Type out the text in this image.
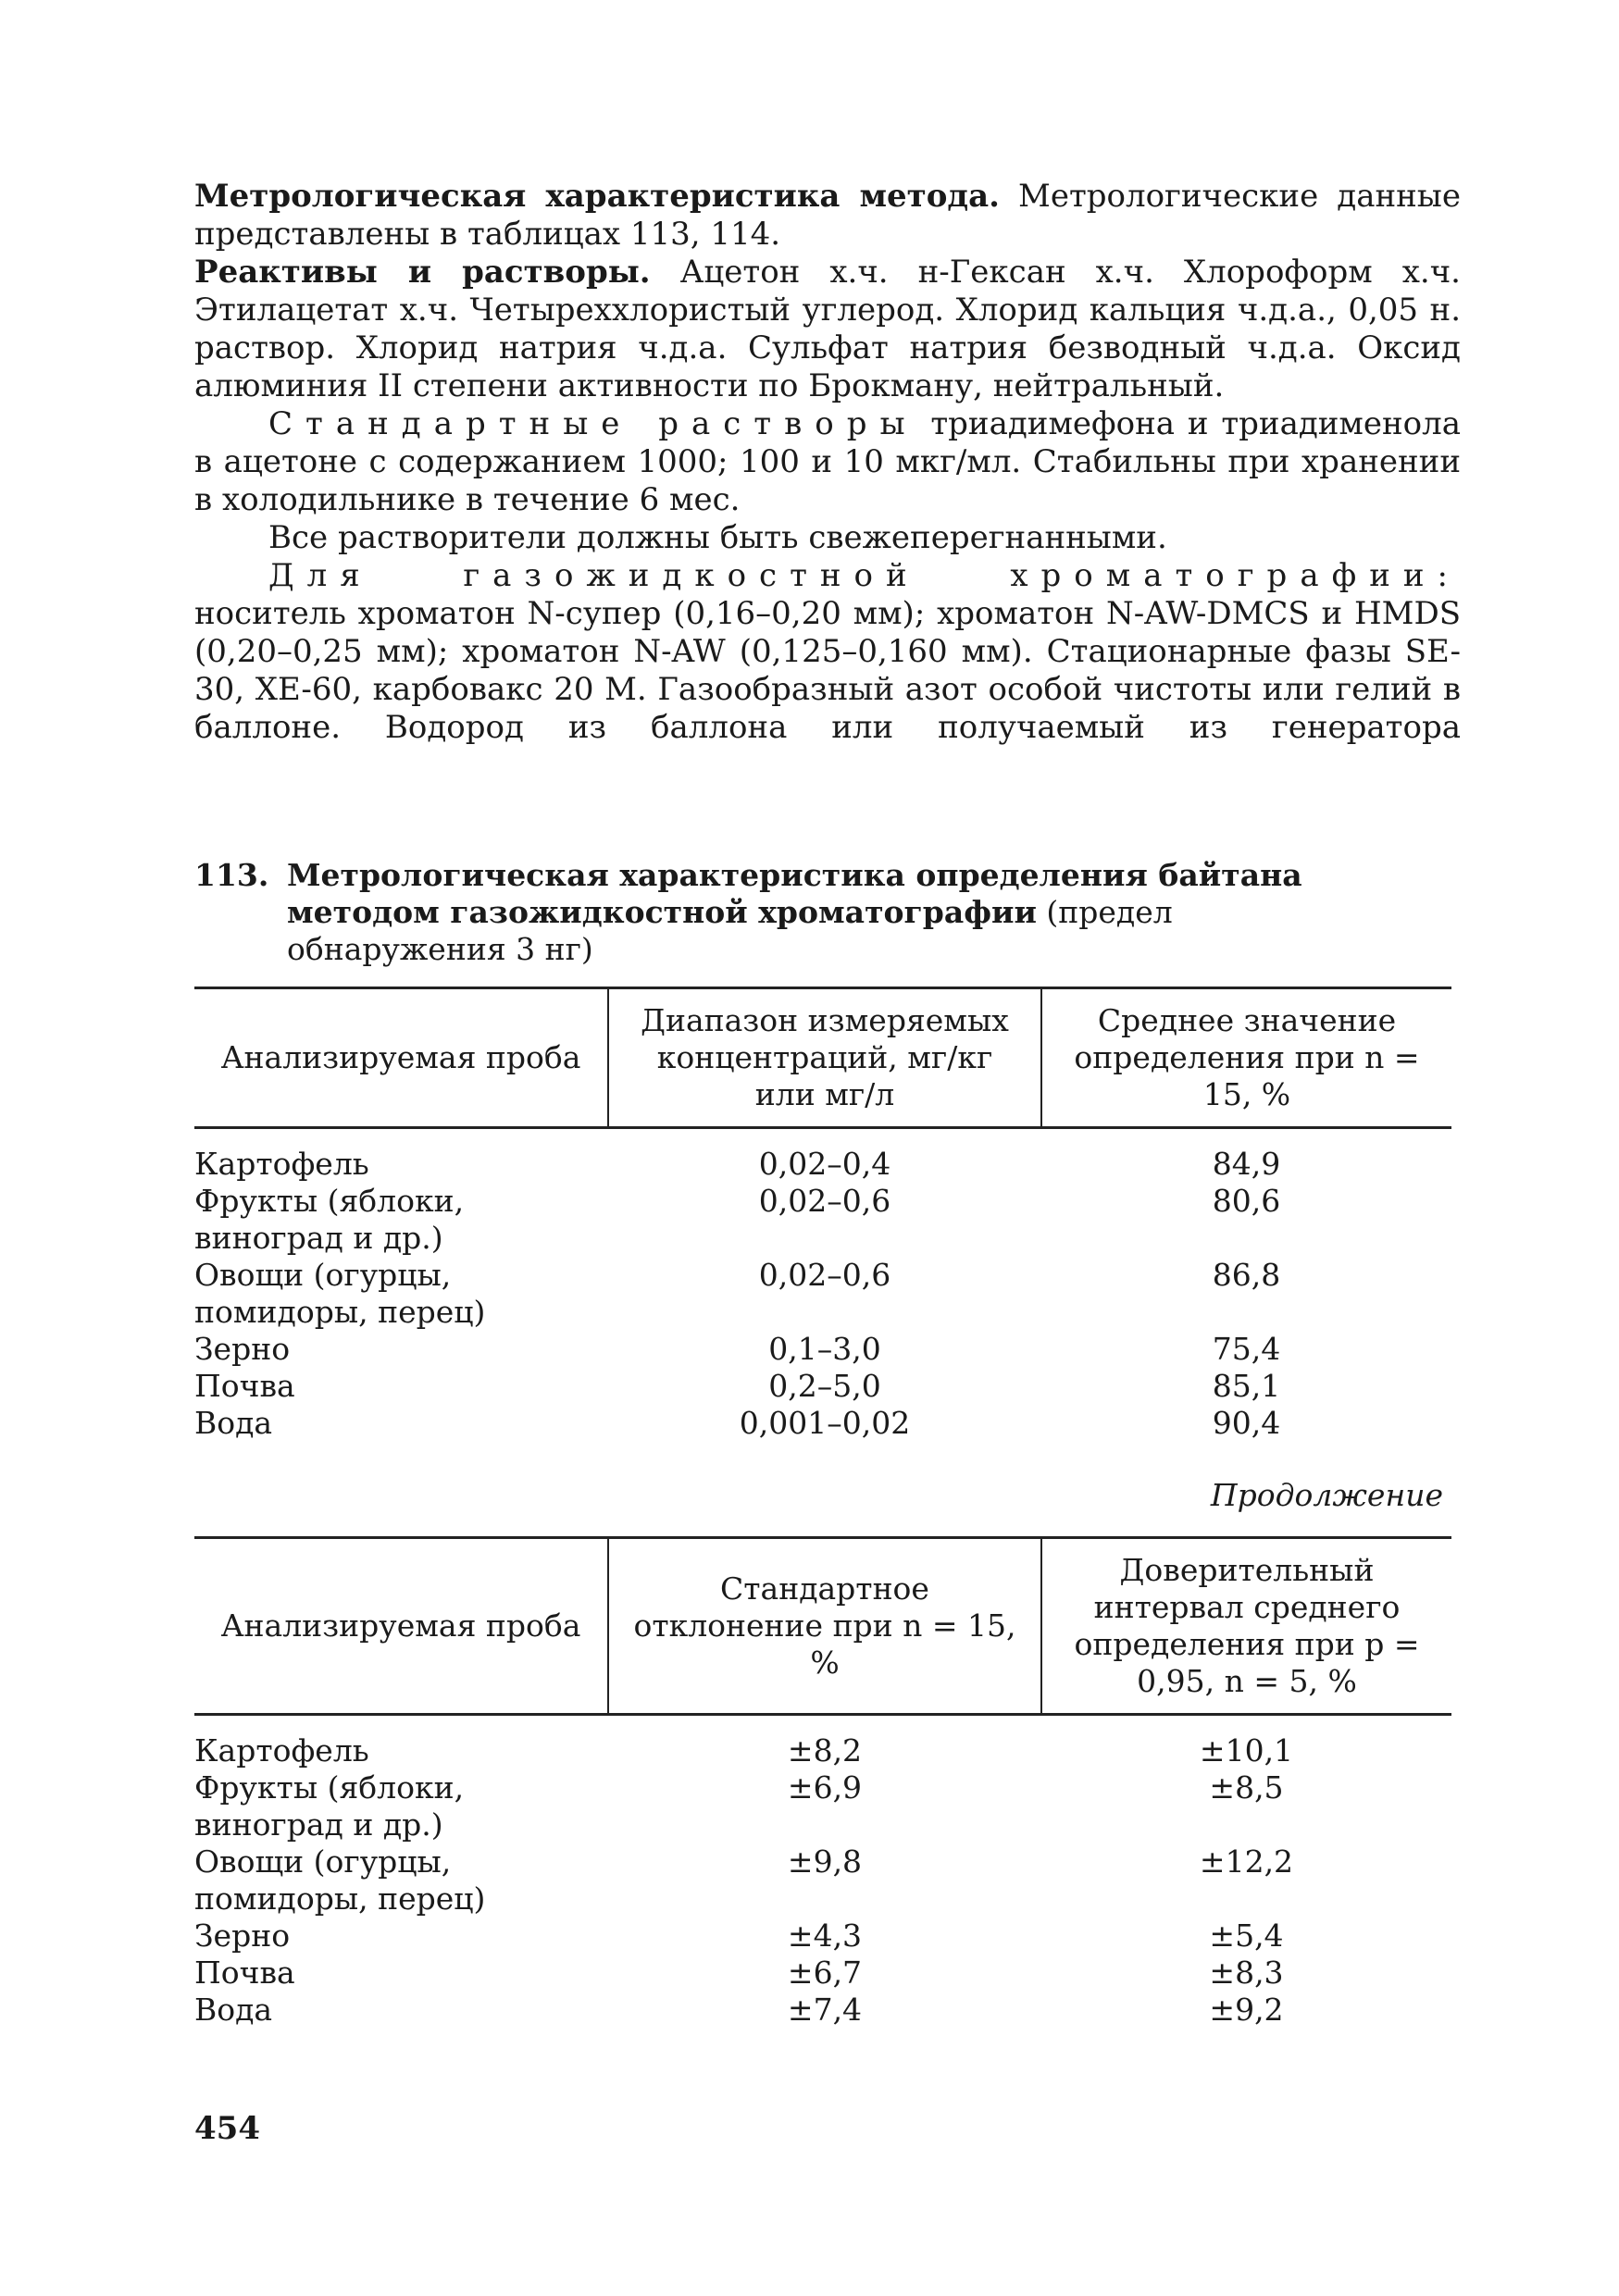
Метрологическая характеристика метода. Метрологические данные представлены в таблицах 113, 114.

Реактивы и растворы. Ацетон х.ч. н-Гексан х.ч. Хлороформ х.ч. Этилацетат х.ч. Четыреххлористый углерод. Хлорид кальция ч.д.а., 0,05 н. раствор. Хлорид натрия ч.д.а. Сульфат натрия безводный ч.д.а. Оксид алюминия II степени активности по Брокману, нейтральный.

Стандартные растворы триадимефона и триадименола в ацетоне с содержанием 1000; 100 и 10 мкг/мл. Стабильны при хранении в холодильнике в течение 6 мес.

Все растворители должны быть свежеперегнанными.

Для газожидкостной хроматографии: носитель хроматон N-супер (0,16–0,20 мм); хроматон N-AW-DMCS и HMDS (0,20–0,25 мм); хроматон N-AW (0,125–0,160 мм). Стационарные фазы SE-30, XE-60, карбовакс 20 М. Газообразный азот особой чистоты или гелий в баллоне. Водород из баллона или получаемый из генератора

113. Метрологическая характеристика определения байтана методом газожидкостной хроматографии (предел обнаружения 3 нг)
Анализируемая проба	Диапазон измеряемых концентраций, мг/кг или мг/л	Среднее значение определения при n = 15, %
Картофель	0,02–0,4	84,9
Фрукты (яблоки, виноград и др.)	0,02–0,6	80,6
Овощи (огурцы, помидоры, перец)	0,02–0,6	86,8
Зерно	0,1–3,0	75,4
Почва	0,2–5,0	85,1
Вода	0,001–0,02	90,4
Продолжение
Анализируемая проба	Стандартное отклонение при n = 15, %	Доверительный интервал среднего определения при p = 0,95, n = 5, %
Картофель	±8,2	±10,1
Фрукты (яблоки, виноград и др.)	±6,9	±8,5
Овощи (огурцы, помидоры, перец)	±9,8	±12,2
Зерно	±4,3	±5,4
Почва	±6,7	±8,3
Вода	±7,4	±9,2
454
